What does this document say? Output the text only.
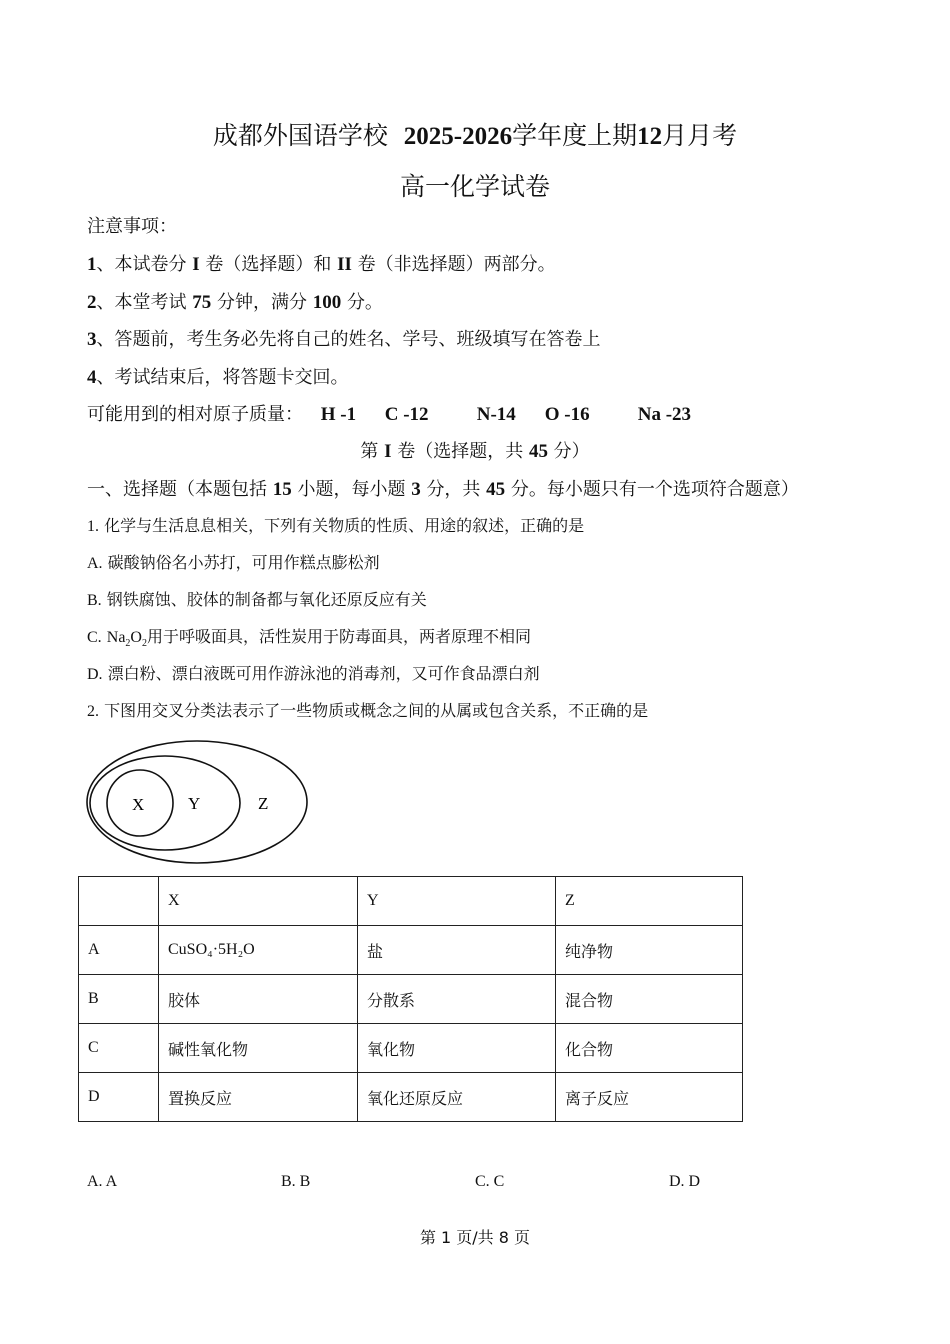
成都外国语学校 2025-2026学年度上期12月月考
高一化学试卷
注意事项：
1、本试卷分 I 卷（选择题）和 II 卷（非选择题）两部分。
2、本堂考试 75 分钟，满分 100 分。
3、答题前，考生务必先将自己的姓名、学号、班级填写在答卷上
4、考试结束后，将答题卡交回。
可能用到的相对原子质量： H -1 C -12	N-14 O -16	Na -23
第 I 卷（选择题，共 45 分）
一、选择题（本题包括 15 小题，每小题 3 分，共 45 分。每小题只有一个选项符合题意）
1. 化学与生活息息相关，下列有关物质的性质、用途的叙述，正确的是
A. 碳酸钠俗名小苏打，可用作糕点膨松剂
B. 钢铁腐蚀、胶体的制备都与氧化还原反应有关
C. $Na_2O_2$用于呼吸面具，活性炭用于防毒面具，两者原理不相同
D. 漂白粉、漂白液既可用作游泳池的消毒剂，又可作食品漂白剂
2. 下图用交叉分类法表示了一些物质或概念之间的从属或包含关系，不正确的是
X	Y	Z
	X	Y	Z
A	CuSO₄·5H₂O	盐	纯净物
B	胶体	分散系	混合物
C	碱性氧化物	氧化物	化合物
D	置换反应	氧化还原反应	离子反应
A. A	B. B	C. C	D. D
第 1 页/共 8 页
